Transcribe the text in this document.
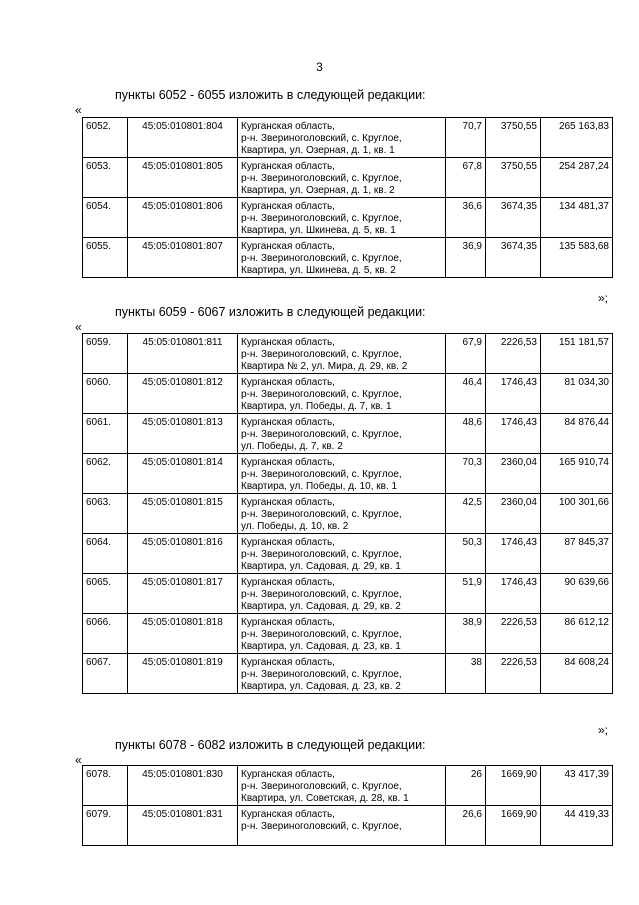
3
пункты 6052 - 6055 изложить в следующей редакции:
«
6052.	45:05:010801:804	Курганская область,
р-н. Звериноголовский, с. Круглое,
Квартира, ул. Озерная, д. 1, кв. 1	70,7	3750,55	265 163,83
6053.	45:05:010801:805	Курганская область,
р-н. Звериноголовский, с. Круглое,
Квартира, ул. Озерная, д. 1, кв. 2	67,8	3750,55	254 287,24
6054.	45:05:010801:806	Курганская область,
р-н. Звериноголовский, с. Круглое,
Квартира, ул. Шкинева, д. 5, кв. 1	36,6	3674,35	134 481,37
6055.	45:05:010801:807	Курганская область,
р-н. Звериноголовский, с. Круглое,
Квартира, ул. Шкинева, д. 5, кв. 2	36,9	3674,35	135 583,68
»;
пункты 6059 - 6067 изложить в следующей редакции:
«
6059.	45:05:010801:811	Курганская область,
р-н. Звериноголовский, с. Круглое,
Квартира № 2, ул. Мира, д. 29, кв. 2	67,9	2226,53	151 181,57
6060.	45:05:010801:812	Курганская область,
р-н. Звериноголовский, с. Круглое,
Квартира, ул. Победы, д. 7, кв. 1	46,4	1746,43	81 034,30
6061.	45:05:010801:813	Курганская область,
р-н. Звериноголовский, с. Круглое,
ул. Победы, д. 7, кв. 2	48,6	1746,43	84 876,44
6062.	45:05:010801:814	Курганская область,
р-н. Звериноголовский, с. Круглое,
Квартира, ул. Победы, д. 10, кв. 1	70,3	2360,04	165 910,74
6063.	45:05:010801:815	Курганская область,
р-н. Звериноголовский, с. Круглое,
ул. Победы, д. 10, кв. 2	42,5	2360,04	100 301,66
6064.	45:05:010801:816	Курганская область,
р-н. Звериноголовский, с. Круглое,
Квартира, ул. Садовая, д. 29, кв. 1	50,3	1746,43	87 845,37
6065.	45:05:010801:817	Курганская область,
р-н. Звериноголовский, с. Круглое,
Квартира, ул. Садовая, д. 29, кв. 2	51,9	1746,43	90 639,66
6066.	45:05:010801:818	Курганская область,
р-н. Звериноголовский, с. Круглое,
Квартира, ул. Садовая, д. 23, кв. 1	38,9	2226,53	86 612,12
6067.	45:05:010801:819	Курганская область,
р-н. Звериноголовский, с. Круглое,
Квартира, ул. Садовая, д. 23, кв. 2	38	2226,53	84 608,24
»;
пункты 6078 - 6082 изложить в следующей редакции:
«
6078.	45:05:010801:830	Курганская область,
р-н. Звериноголовский, с. Круглое,
Квартира, ул. Советская, д. 28, кв. 1	26	1669,90	43 417,39
6079.	45:05:010801:831	Курганская область,
р-н. Звериноголовский, с. Круглое,	26,6	1669,90	44 419,33
